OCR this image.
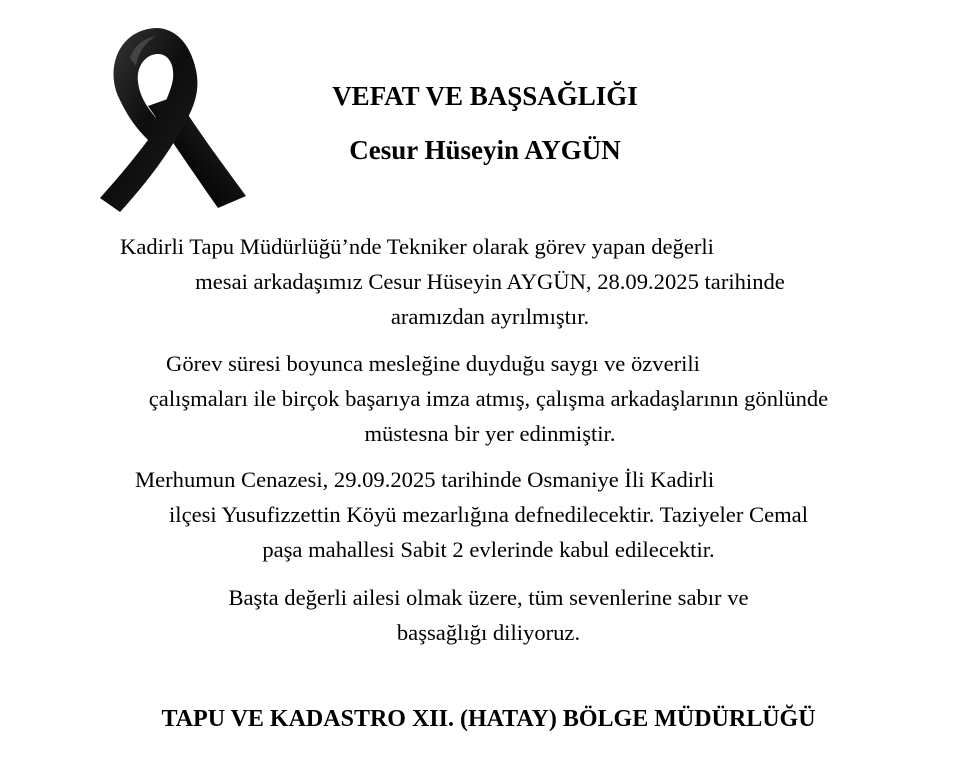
VEFAT VE BAŞSAĞLIĞI
Cesur Hüseyin AYGÜN
Kadirli Tapu Müdürlüğü’nde Tekniker olarak görev yapan değerli
mesai arkadaşımız Cesur Hüseyin AYGÜN, 28.09.2025 tarihinde
aramızdan ayrılmıştır.
Görev süresi boyunca mesleğine duyduğu saygı ve özverili
çalışmaları ile birçok başarıya imza atmış, çalışma arkadaşlarının gönlünde
müstesna bir yer edinmiştir.
Merhumun Cenazesi, 29.09.2025 tarihinde Osmaniye İli Kadirli
ilçesi Yusufizzettin Köyü mezarlığına defnedilecektir. Taziyeler Cemal
paşa mahallesi Sabit 2 evlerinde kabul edilecektir.
Başta değerli ailesi olmak üzere, tüm sevenlerine sabır ve
başsağlığı diliyoruz.
TAPU VE KADASTRO XII. (HATAY) BÖLGE MÜDÜRLÜĞÜ
